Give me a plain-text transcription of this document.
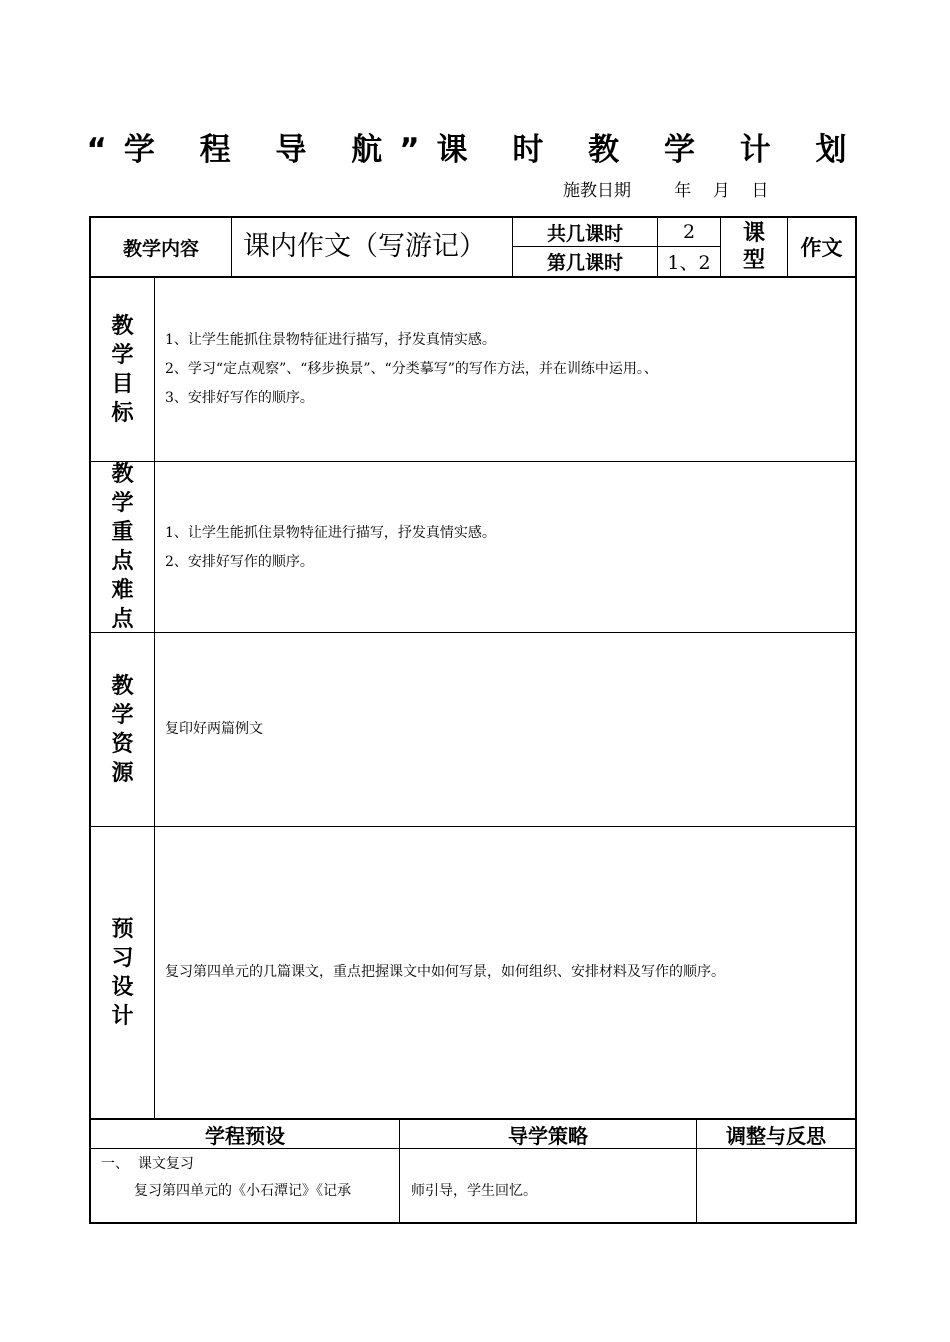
“学 程 导 航”课 时 教 学 计 划
施教日期        年    月    日
教学内容	课内作文（写游记）	共几课时	2
第几课时	1、2
课型	作文
教学目标
1、让学生能抓住景物特征进行描写，抒发真情实感。
2、学习“定点观察”、“移步换景”、“分类摹写”的写作方法，并在训练中运用。、
3、安排好写作的顺序。
教学重点难点
1、让学生能抓住景物特征进行描写，抒发真情实感。
2、安排好写作的顺序。
教学资源
复印好两篇例文
预习设计
复习第四单元的几篇课文，重点把握课文中如何写景，如何组织、安排材料及写作的顺序。
学程预设	导学策略	调整与反思
一、  课文复习
复习第四单元的《小石潭记》《记承	师引导，学生回忆。
